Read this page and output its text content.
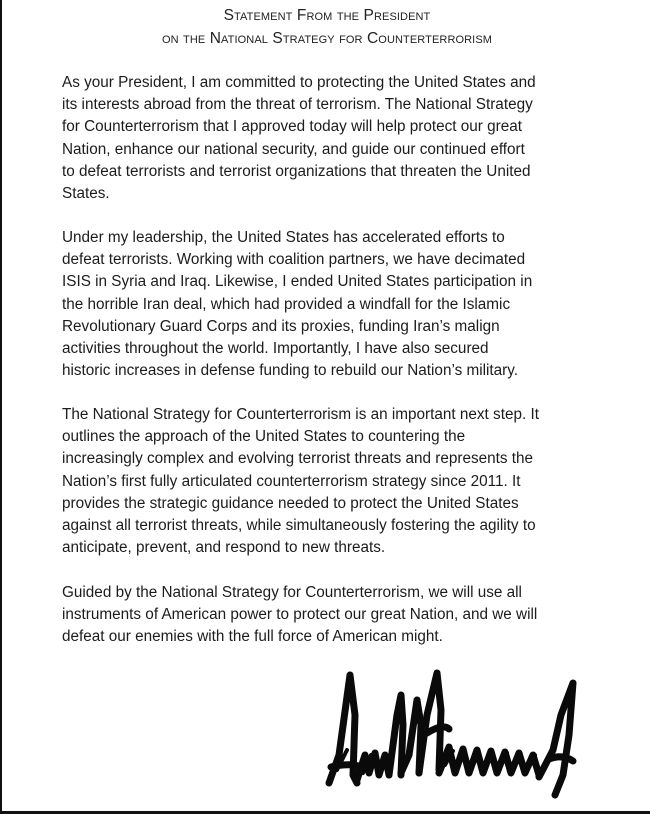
Statement From the President
on the National Strategy for Counterterrorism
As your President, I am committed to protecting the United States and
its interests abroad from the threat of terrorism. The National Strategy
for Counterterrorism that I approved today will help protect our great
Nation, enhance our national security, and guide our continued effort
to defeat terrorists and terrorist organizations that threaten the United
States.
Under my leadership, the United States has accelerated efforts to
defeat terrorists. Working with coalition partners, we have decimated
ISIS in Syria and Iraq. Likewise, I ended United States participation in
the horrible Iran deal, which had provided a windfall for the Islamic
Revolutionary Guard Corps and its proxies, funding Iran’s malign
activities throughout the world. Importantly, I have also secured
historic increases in defense funding to rebuild our Nation’s military.
The National Strategy for Counterterrorism is an important next step. It
outlines the approach of the United States to countering the
increasingly complex and evolving terrorist threats and represents the
Nation’s first fully articulated counterterrorism strategy since 2011. It
provides the strategic guidance needed to protect the United States
against all terrorist threats, while simultaneously fostering the agility to
anticipate, prevent, and respond to new threats.
Guided by the National Strategy for Counterterrorism, we will use all
instruments of American power to protect our great Nation, and we will
defeat our enemies with the full force of American might.
